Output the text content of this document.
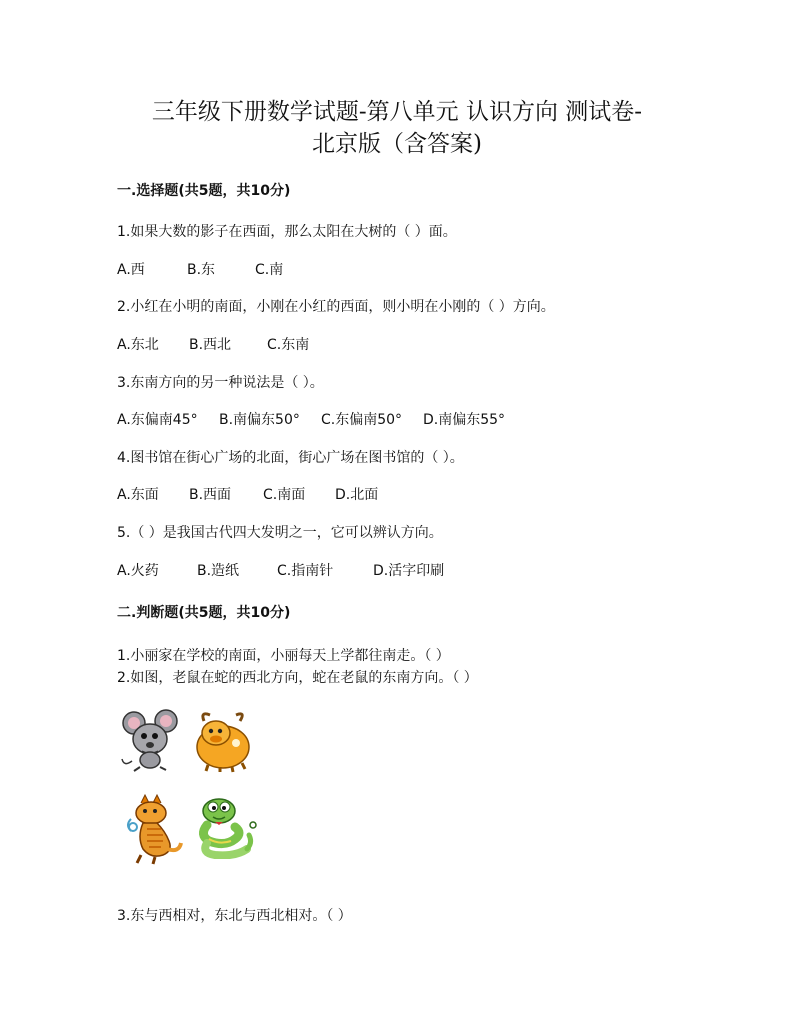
三年级下册数学试题-第八单元 认识方向 测试卷-
北京版（含答案)
一.选择题(共5题，共10分)
1.如果大数的影子在西面，那么太阳在大树的（ ）面。
A.西	B.东	C.南
2.小红在小明的南面，小刚在小红的西面，则小明在小刚的（ ）方向。
A.东北 B.西北	C.东南
3.东南方向的另一种说法是（ ）。
A.东偏南45° B.南偏东50° C.东偏南50° D.南偏东55°
4.图书馆在街心广场的北面，街心广场在图书馆的（ ）。
A.东面 B.西面 C.南面 D.北面
5.（ ）是我国古代四大发明之一，它可以辨认方向。
A.火药	B.造纸	C.指南针	D.活字印刷
二.判断题(共5题，共10分)
1.小丽家在学校的南面，小丽每天上学都往南走。（ ）
2.如图，老鼠在蛇的西北方向，蛇在老鼠的东南方向。（ ）
3.东与西相对，东北与西北相对。（ ）
